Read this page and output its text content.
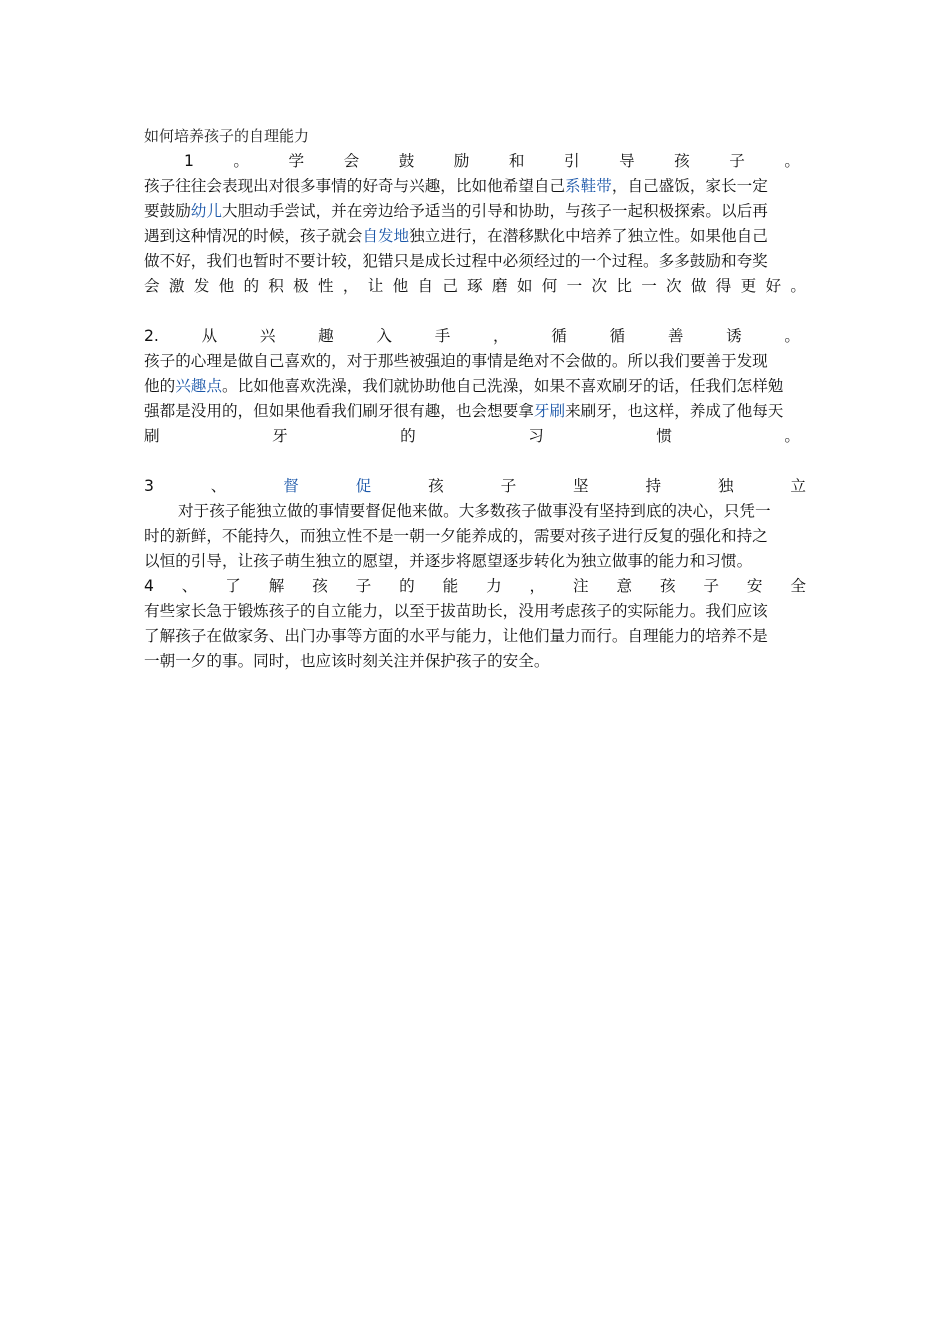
如何培养孩子的自理能力
1	。	学	会	鼓	励	和	引	导	孩	子	。
孩子往往会表现出对很多事情的好奇与兴趣，比如他希望自己系鞋带，自己盛饭，家长一定
要鼓励幼儿大胆动手尝试，并在旁边给予适当的引导和协助，与孩子一起积极探索。以后再
遇到这种情况的时候，孩子就会自发地独立进行，在潜移默化中培养了独立性。如果他自己
做不好，我们也暂时不要计较，犯错只是成长过程中必须经过的一个过程。多多鼓励和夸奖
会 激 发 他 的 积 极 性 ， 让 他 自 己 琢 磨 如 何 一 次 比 一 次 做 得 更 好 。
2.	从	兴	趣	入	手	，	循	循	善	诱	。
孩子的心理是做自己喜欢的，对于那些被强迫的事情是绝对不会做的。所以我们要善于发现
他的兴趣点。比如他喜欢洗澡，我们就协助他自己洗澡，如果不喜欢刷牙的话，任我们怎样勉
强都是没用的，但如果他看我们刷牙很有趣，也会想要拿牙刷来刷牙，也这样，养成了他每天
刷	牙	的	习	惯	。
3	、	督	促	孩	子	坚	持	独	立
对于孩子能独立做的事情要督促他来做。大多数孩子做事没有坚持到底的决心，只凭一
时的新鲜，不能持久，而独立性不是一朝一夕能养成的，需要对孩子进行反复的强化和持之
以恒的引导，让孩子萌生独立的愿望，并逐步将愿望逐步转化为独立做事的能力和习惯。
4 、 了 解 孩 子 的 能 力 ， 注 意 孩 子 安 全
有些家长急于锻炼孩子的自立能力，以至于拔苗助长，没用考虑孩子的实际能力。我们应该
了解孩子在做家务、出门办事等方面的水平与能力，让他们量力而行。自理能力的培养不是
一朝一夕的事。同时，也应该时刻关注并保护孩子的安全。
